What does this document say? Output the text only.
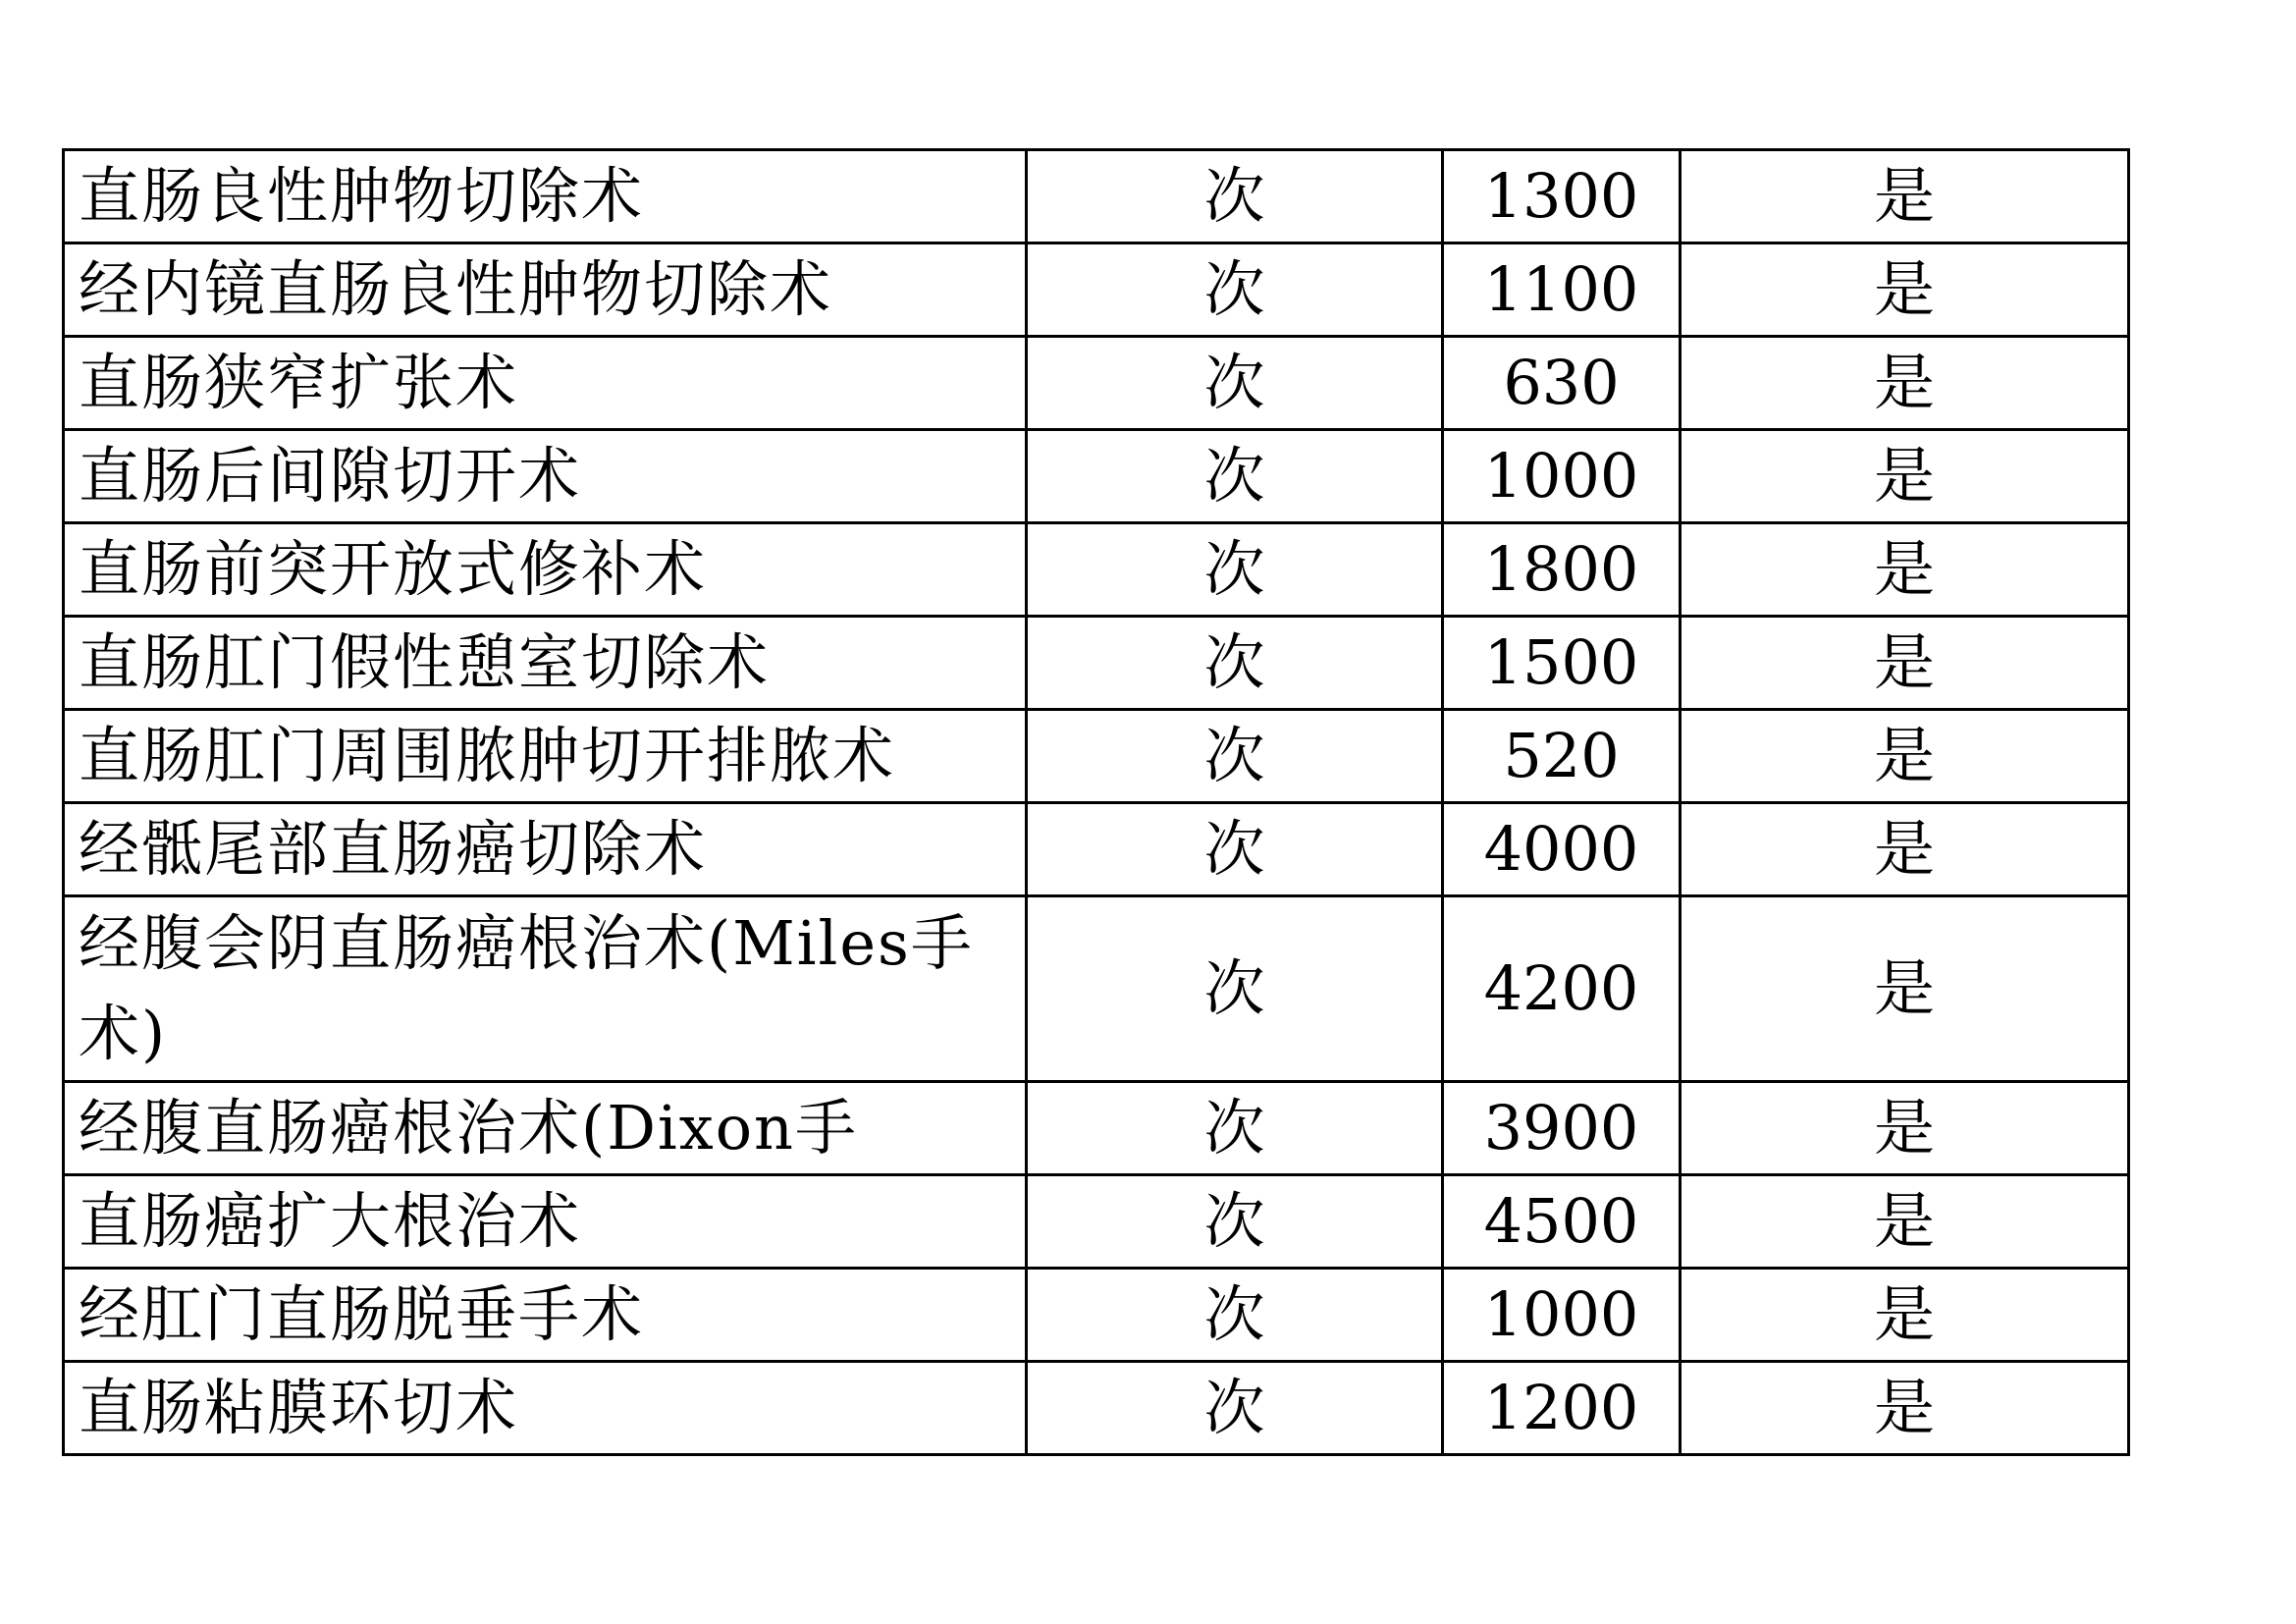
直肠良性肿物切除术	次	1300	是
经内镜直肠良性肿物切除术	次	1100	是
直肠狭窄扩张术	次	630	是
直肠后间隙切开术	次	1000	是
直肠前突开放式修补术	次	1800	是
直肠肛门假性憩室切除术	次	1500	是
直肠肛门周围脓肿切开排脓术	次	520	是
经骶尾部直肠癌切除术	次	4000	是
经腹会阴直肠癌根治术(Miles手术)	次	4200	是
经腹直肠癌根治术(Dixon手	次	3900	是
直肠癌扩大根治术	次	4500	是
经肛门直肠脱垂手术	次	1000	是
直肠粘膜环切术	次	1200	是
